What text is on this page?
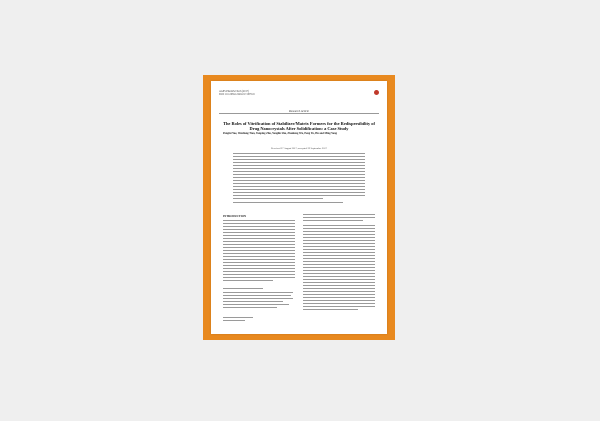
AAPS PharmSciTech (2017)
DOI: 10.1208/s12249-017-0870-9
Research Article
The Roles of Vitrification of Stabilizer/Matrix Formers for the Redispersibility of Drug Nanocrystals After Solidification: a Case Study
Pengfei Yue, Wenliang Tian, Yanping Zhu, Yonglin Shu, Zhenfeng Wu, Peng Yu, Hu and Ming Yang
Received 27 August 2017; accepted 29 September 2017
INTRODUCTION
